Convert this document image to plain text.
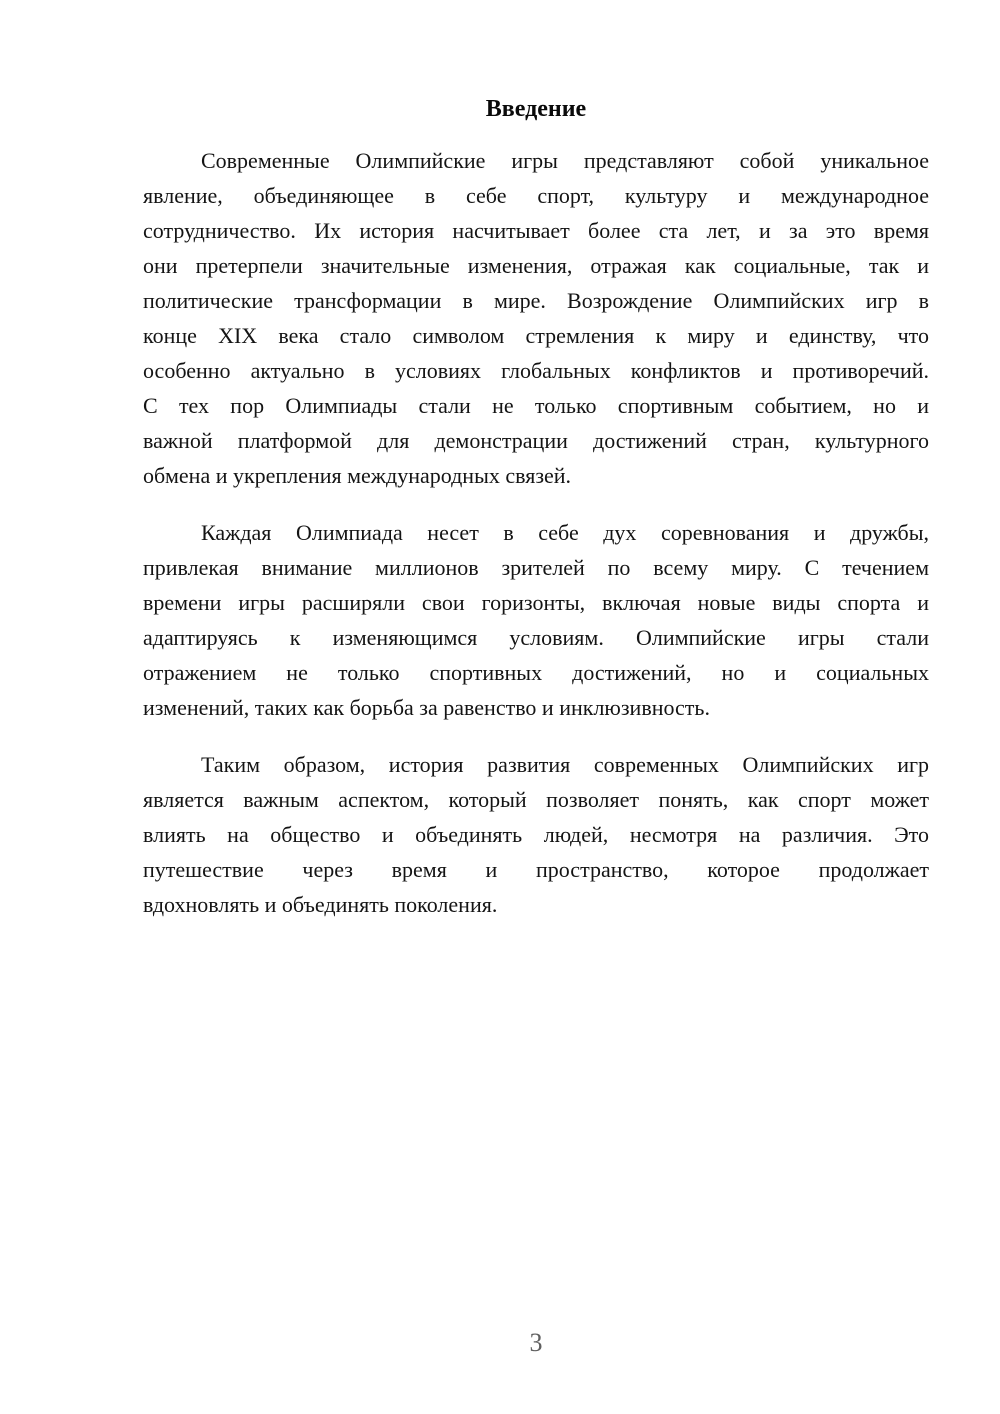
Введение
Современные Олимпийские игры представляют собой уникальное
явление, объединяющее в себе спорт, культуру и международное
сотрудничество. Их история насчитывает более ста лет, и за это время
они претерпели значительные изменения, отражая как социальные, так и
политические трансформации в мире. Возрождение Олимпийских игр в
конце XIX века стало символом стремления к миру и единству, что
особенно актуально в условиях глобальных конфликтов и противоречий.
С тех пор Олимпиады стали не только спортивным событием, но и
важной платформой для демонстрации достижений стран, культурного
обмена и укрепления международных связей.
Каждая Олимпиада несет в себе дух соревнования и дружбы,
привлекая внимание миллионов зрителей по всему миру. С течением
времени игры расширяли свои горизонты, включая новые виды спорта и
адаптируясь к изменяющимся условиям. Олимпийские игры стали
отражением не только спортивных достижений, но и социальных
изменений, таких как борьба за равенство и инклюзивность.
Таким образом, история развития современных Олимпийских игр
является важным аспектом, который позволяет понять, как спорт может
влиять на общество и объединять людей, несмотря на различия. Это
путешествие через время и пространство, которое продолжает
вдохновлять и объединять поколения.
3
